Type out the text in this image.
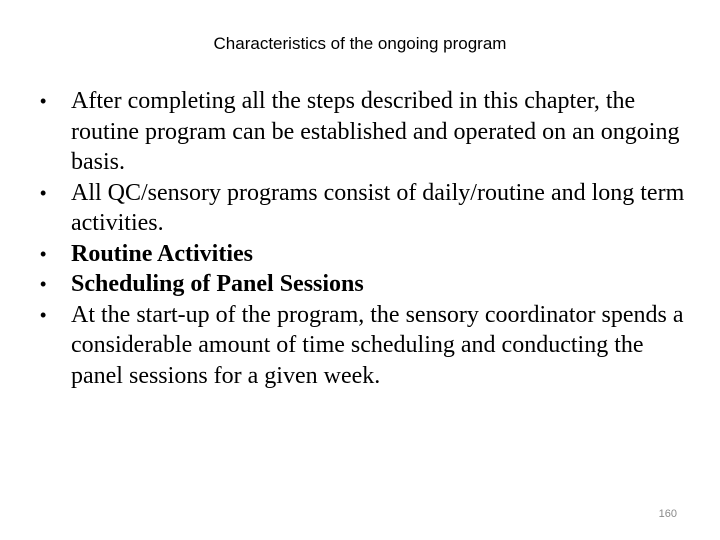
Characteristics of the ongoing program
•	After completing all the steps described in this chapter, the routine program can be established and operated on an ongoing basis.
•	All QC/sensory programs consist of daily/routine and long term activities.
•	Routine Activities
•	Scheduling of Panel Sessions
•	At the start-up of the program, the sensory coordinator spends a considerable amount of time scheduling and conducting the panel sessions for a given week.
160
